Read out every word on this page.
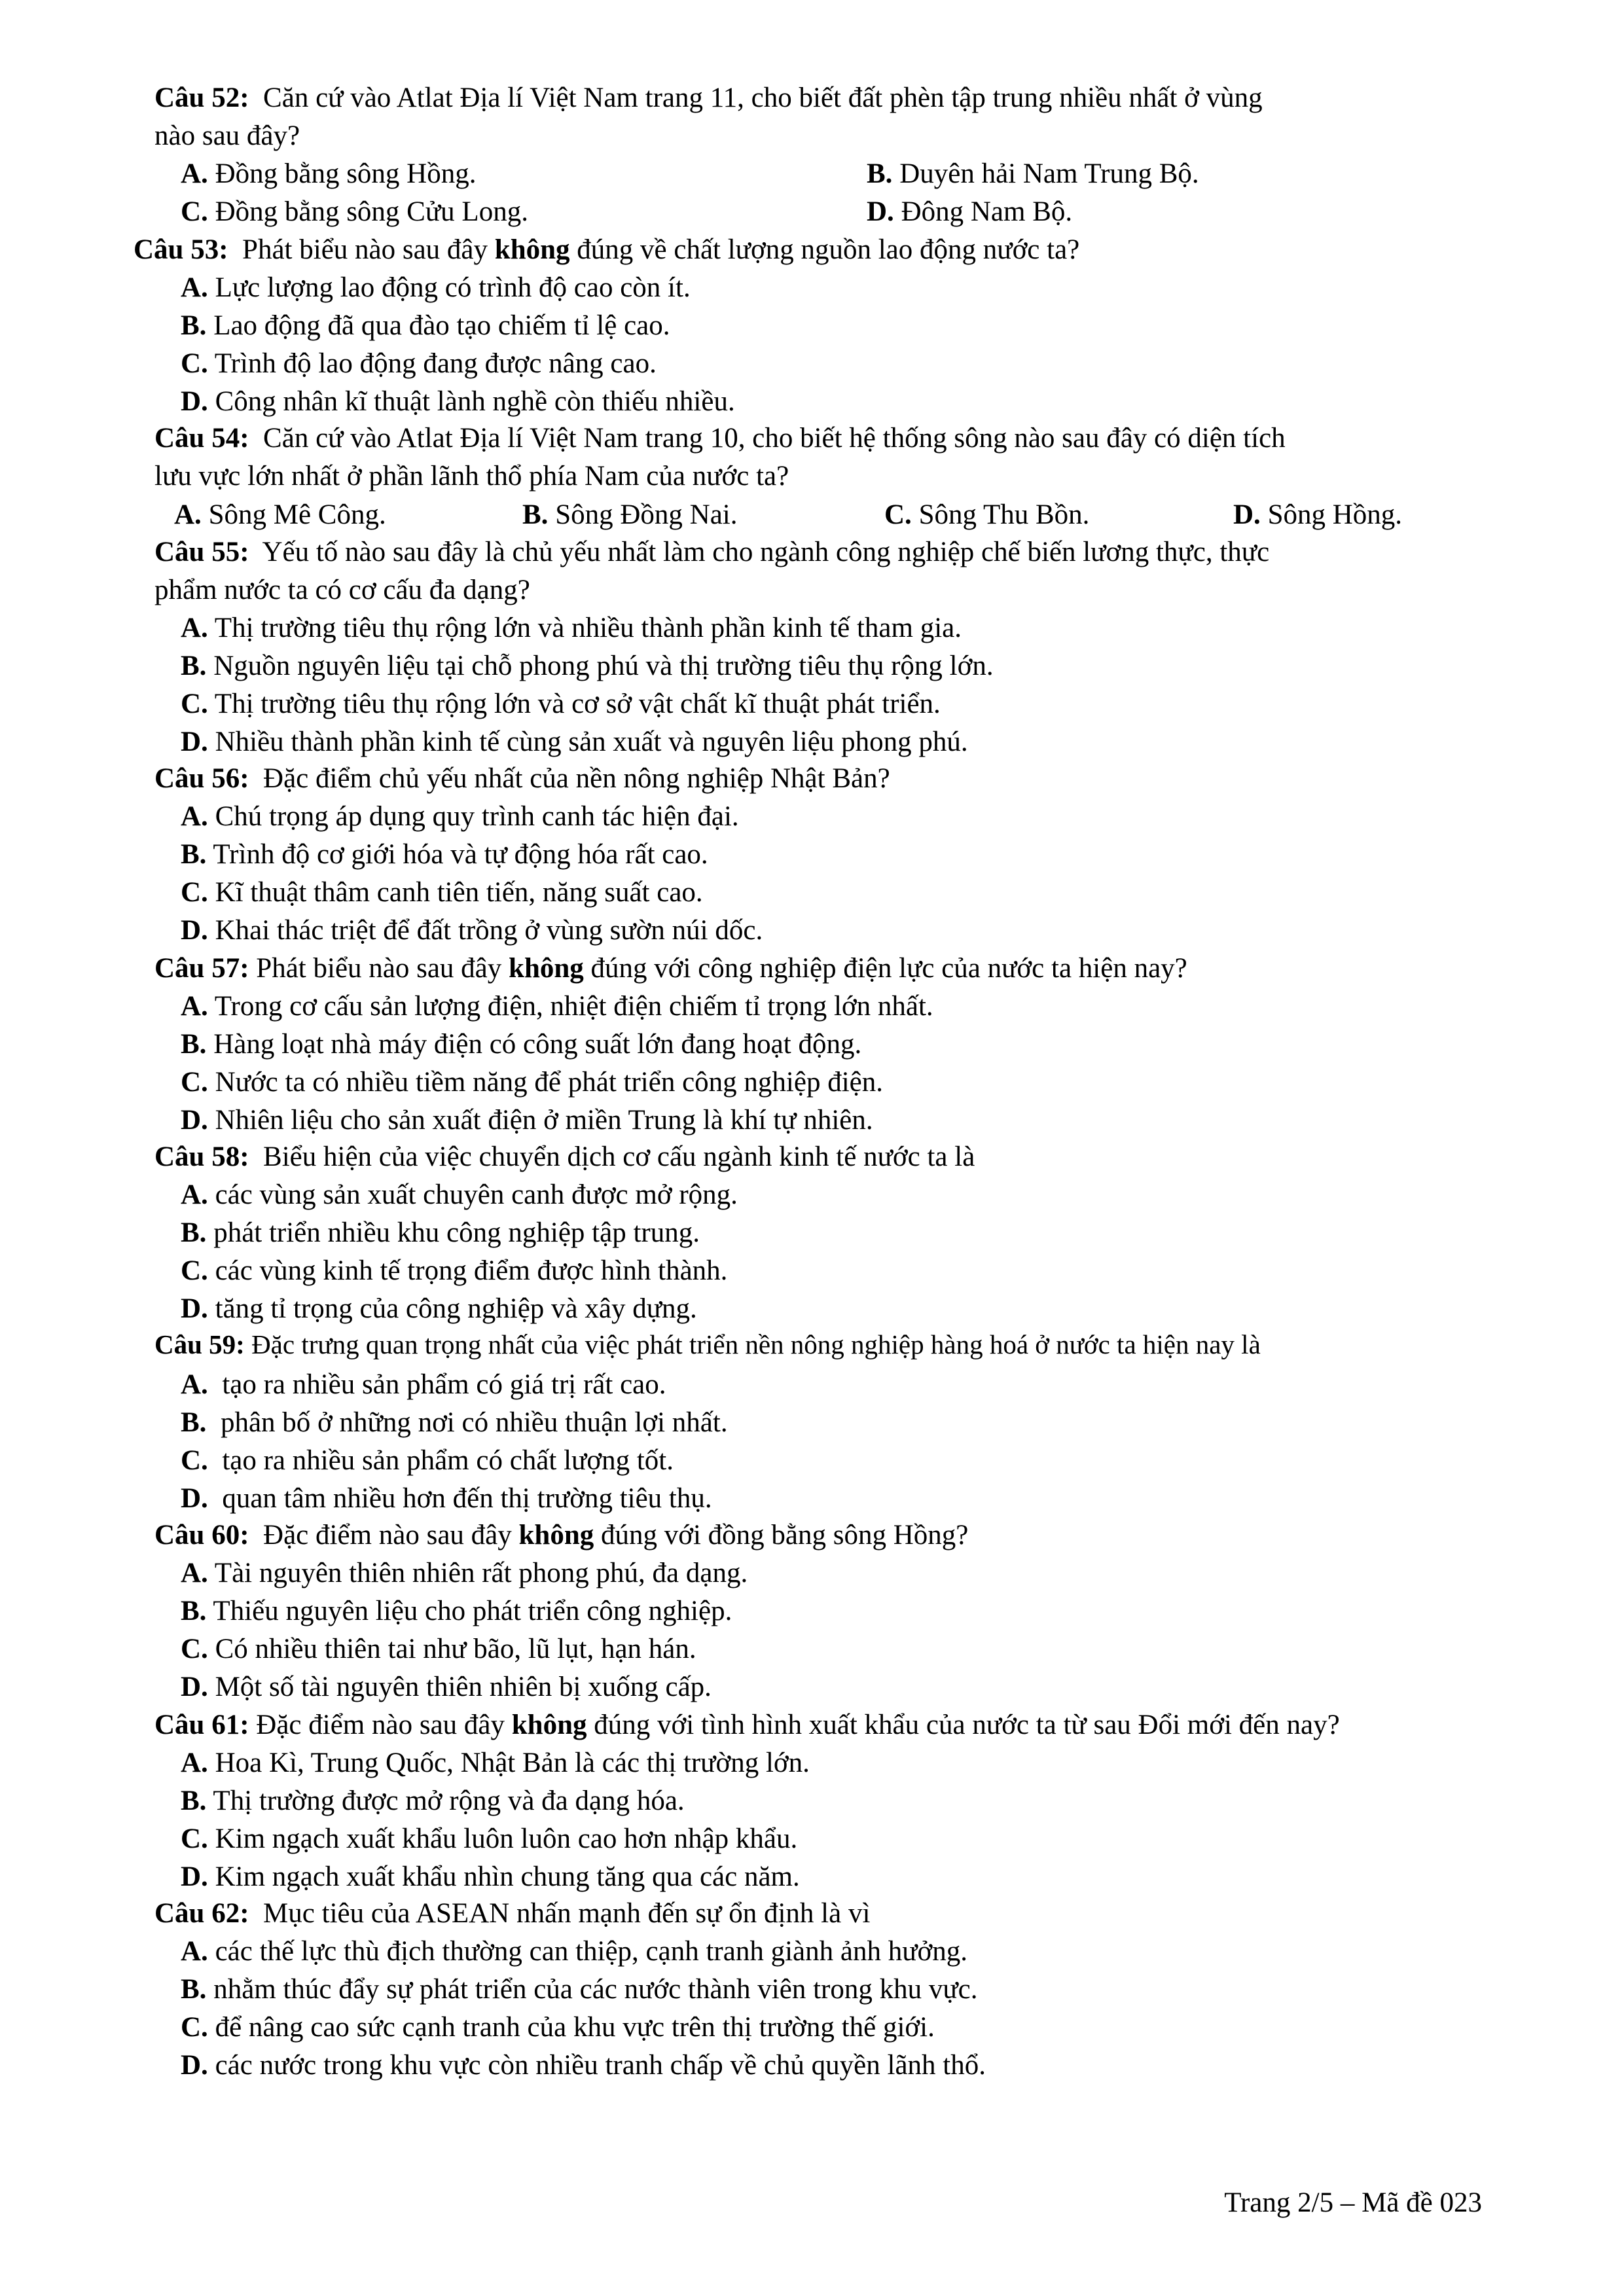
Câu 52: Căn cứ vào Atlat Địa lí Việt Nam trang 11, cho biết đất phèn tập trung nhiều nhất ở vùng
nào sau đây?
A. Đồng bằng sông Hồng.	B. Duyên hải Nam Trung Bộ.
C. Đồng bằng sông Cửu Long.	D. Đông Nam Bộ.
Câu 53: Phát biểu nào sau đây không đúng về chất lượng nguồn lao động nước ta?
A. Lực lượng lao động có trình độ cao còn ít.
B. Lao động đã qua đào tạo chiếm tỉ lệ cao.
C. Trình độ lao động đang được nâng cao.
D. Công nhân kĩ thuật lành nghề còn thiếu nhiều.
Câu 54: Căn cứ vào Atlat Địa lí Việt Nam trang 10, cho biết hệ thống sông nào sau đây có diện tích
lưu vực lớn nhất ở phần lãnh thổ phía Nam của nước ta?
A. Sông Mê Công.	B. Sông Đồng Nai.	C. Sông Thu Bồn.	D. Sông Hồng.
Câu 55: Yếu tố nào sau đây là chủ yếu nhất làm cho ngành công nghiệp chế biến lương thực, thực
phẩm nước ta có cơ cấu đa dạng?
A. Thị trường tiêu thụ rộng lớn và nhiều thành phần kinh tế tham gia.
B. Nguồn nguyên liệu tại chỗ phong phú và thị trường tiêu thụ rộng lớn.
C. Thị trường tiêu thụ rộng lớn và cơ sở vật chất kĩ thuật phát triển.
D. Nhiều thành phần kinh tế cùng sản xuất và nguyên liệu phong phú.
Câu 56: Đặc điểm chủ yếu nhất của nền nông nghiệp Nhật Bản?
A. Chú trọng áp dụng quy trình canh tác hiện đại.
B. Trình độ cơ giới hóa và tự động hóa rất cao.
C. Kĩ thuật thâm canh tiên tiến, năng suất cao.
D. Khai thác triệt để đất trồng ở vùng sườn núi dốc.
Câu 57: Phát biểu nào sau đây không đúng với công nghiệp điện lực của nước ta hiện nay?
A. Trong cơ cấu sản lượng điện, nhiệt điện chiếm tỉ trọng lớn nhất.
B. Hàng loạt nhà máy điện có công suất lớn đang hoạt động.
C. Nước ta có nhiều tiềm năng để phát triển công nghiệp điện.
D. Nhiên liệu cho sản xuất điện ở miền Trung là khí tự nhiên.
Câu 58: Biểu hiện của việc chuyển dịch cơ cấu ngành kinh tế nước ta là
A. các vùng sản xuất chuyên canh được mở rộng.
B. phát triển nhiều khu công nghiệp tập trung.
C. các vùng kinh tế trọng điểm được hình thành.
D. tăng tỉ trọng của công nghiệp và xây dựng.
Câu 59: Đặc trưng quan trọng nhất của việc phát triển nền nông nghiệp hàng hoá ở nước ta hiện nay là
A. tạo ra nhiều sản phẩm có giá trị rất cao.
B. phân bố ở những nơi có nhiều thuận lợi nhất.
C. tạo ra nhiều sản phẩm có chất lượng tốt.
D. quan tâm nhiều hơn đến thị trường tiêu thụ.
Câu 60: Đặc điểm nào sau đây không đúng với đồng bằng sông Hồng?
A. Tài nguyên thiên nhiên rất phong phú, đa dạng.
B. Thiếu nguyên liệu cho phát triển công nghiệp.
C. Có nhiều thiên tai như bão, lũ lụt, hạn hán.
D. Một số tài nguyên thiên nhiên bị xuống cấp.
Câu 61: Đặc điểm nào sau đây không đúng với tình hình xuất khẩu của nước ta từ sau Đổi mới đến nay?
A. Hoa Kì, Trung Quốc, Nhật Bản là các thị trường lớn.
B. Thị trường được mở rộng và đa dạng hóa.
C. Kim ngạch xuất khẩu luôn luôn cao hơn nhập khẩu.
D. Kim ngạch xuất khẩu nhìn chung tăng qua các năm.
Câu 62: Mục tiêu của ASEAN nhấn mạnh đến sự ổn định là vì
A. các thế lực thù địch thường can thiệp, cạnh tranh giành ảnh hưởng.
B. nhằm thúc đẩy sự phát triển của các nước thành viên trong khu vực.
C. để nâng cao sức cạnh tranh của khu vực trên thị trường thế giới.
D. các nước trong khu vực còn nhiều tranh chấp về chủ quyền lãnh thổ.
Trang 2/5 – Mã đề 023
